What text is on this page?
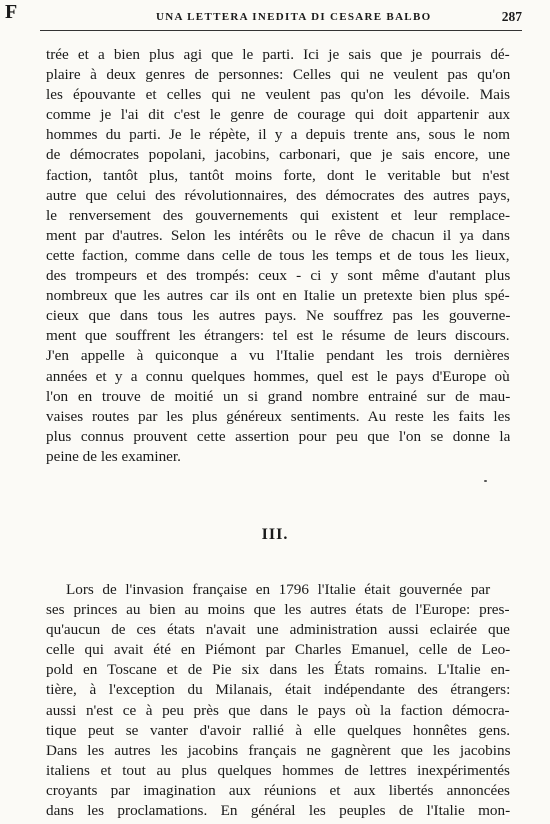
UNA LETTERA INEDITA DI CESARE BALBO	287
F

trée et a bien plus agi que le parti. Ici je sais que je pourrais dé-
plaire à deux genres de personnes: Celles qui ne veulent pas qu'on
les épouvante et celles qui ne veulent pas qu'on les dévoile. Mais
comme je l'ai dit c'est le genre de courage qui doit appartenir aux
hommes du parti. Je le répète, il y a depuis trente ans, sous le nom
de démocrates popolani, jacobins, carbonari, que je sais encore, une
faction, tantôt plus, tantôt moins forte, dont le veritable but n'est
autre que celui des révolutionnaires, des démocrates des autres pays,
le renversement des gouvernements qui existent et leur remplace-
ment par d'autres. Selon les intérêts ou le rêve de chacun il ya dans
cette faction, comme dans celle de tous les temps et de tous les lieux,
des trompeurs et des trompés: ceux - ci y sont même d'autant plus
nombreux que les autres car ils ont en Italie un pretexte bien plus spé-
cieux que dans tous les autres pays. Ne souffrez pas les gouverne-
ment que souffrent les étrangers: tel est le résume de leurs discours.
J'en appelle à quiconque a vu l'Italie pendant les trois dernières
années et y a connu quelques hommes, quel est le pays d'Europe où
l'on en trouve de moitié un si grand nombre entrainé sur de mau-
vaises routes par les plus généreux sentiments. Au reste les faits les
plus connus prouvent cette assertion pour peu que l'on se donne la
peine de les examiner.

III.

Lors de l'invasion française en 1796 l'Italie était gouvernée par
ses princes au bien au moins que les autres états de l'Europe: pres-
qu'aucun de ces états n'avait une administration aussi eclairée que
celle qui avait été en Piémont par Charles Emanuel, celle de Leo-
pold en Toscane et de Pie six dans les États romains. L'Italie en-
tière, à l'exception du Milanais, était indépendante des étrangers:
aussi n'est ce à peu près que dans le pays où la faction démocra-
tique peut se vanter d'avoir rallié à elle quelques honnêtes gens.
Dans les autres les jacobins français ne gagnèrent que les jacobins
italiens et tout au plus quelques hommes de lettres inexpérimentés
croyants par imagination aux réunions et aux libertés annoncées
dans les proclamations. En général les peuples de l'Italie mon-
